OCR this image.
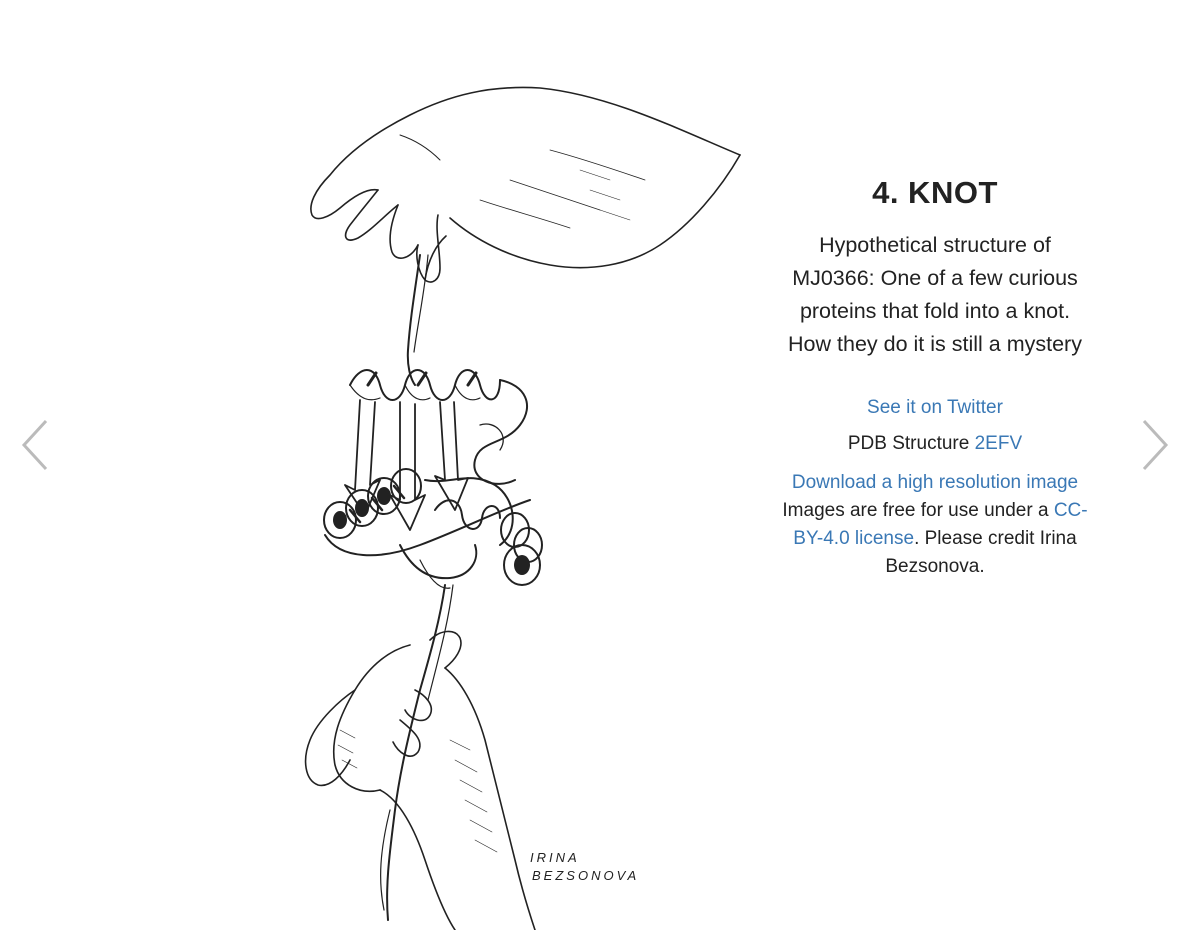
IRINA
BEZSONOVA
4. KNOT

Hypothetical structure of MJ0366: One of a few curious proteins that fold into a knot. How they do it is still a mystery

See it on Twitter

PDB Structure 2EFV

Download a high resolution image

Images are free for use under a CC-BY-4.0 license. Please credit Irina Bezsonova.
